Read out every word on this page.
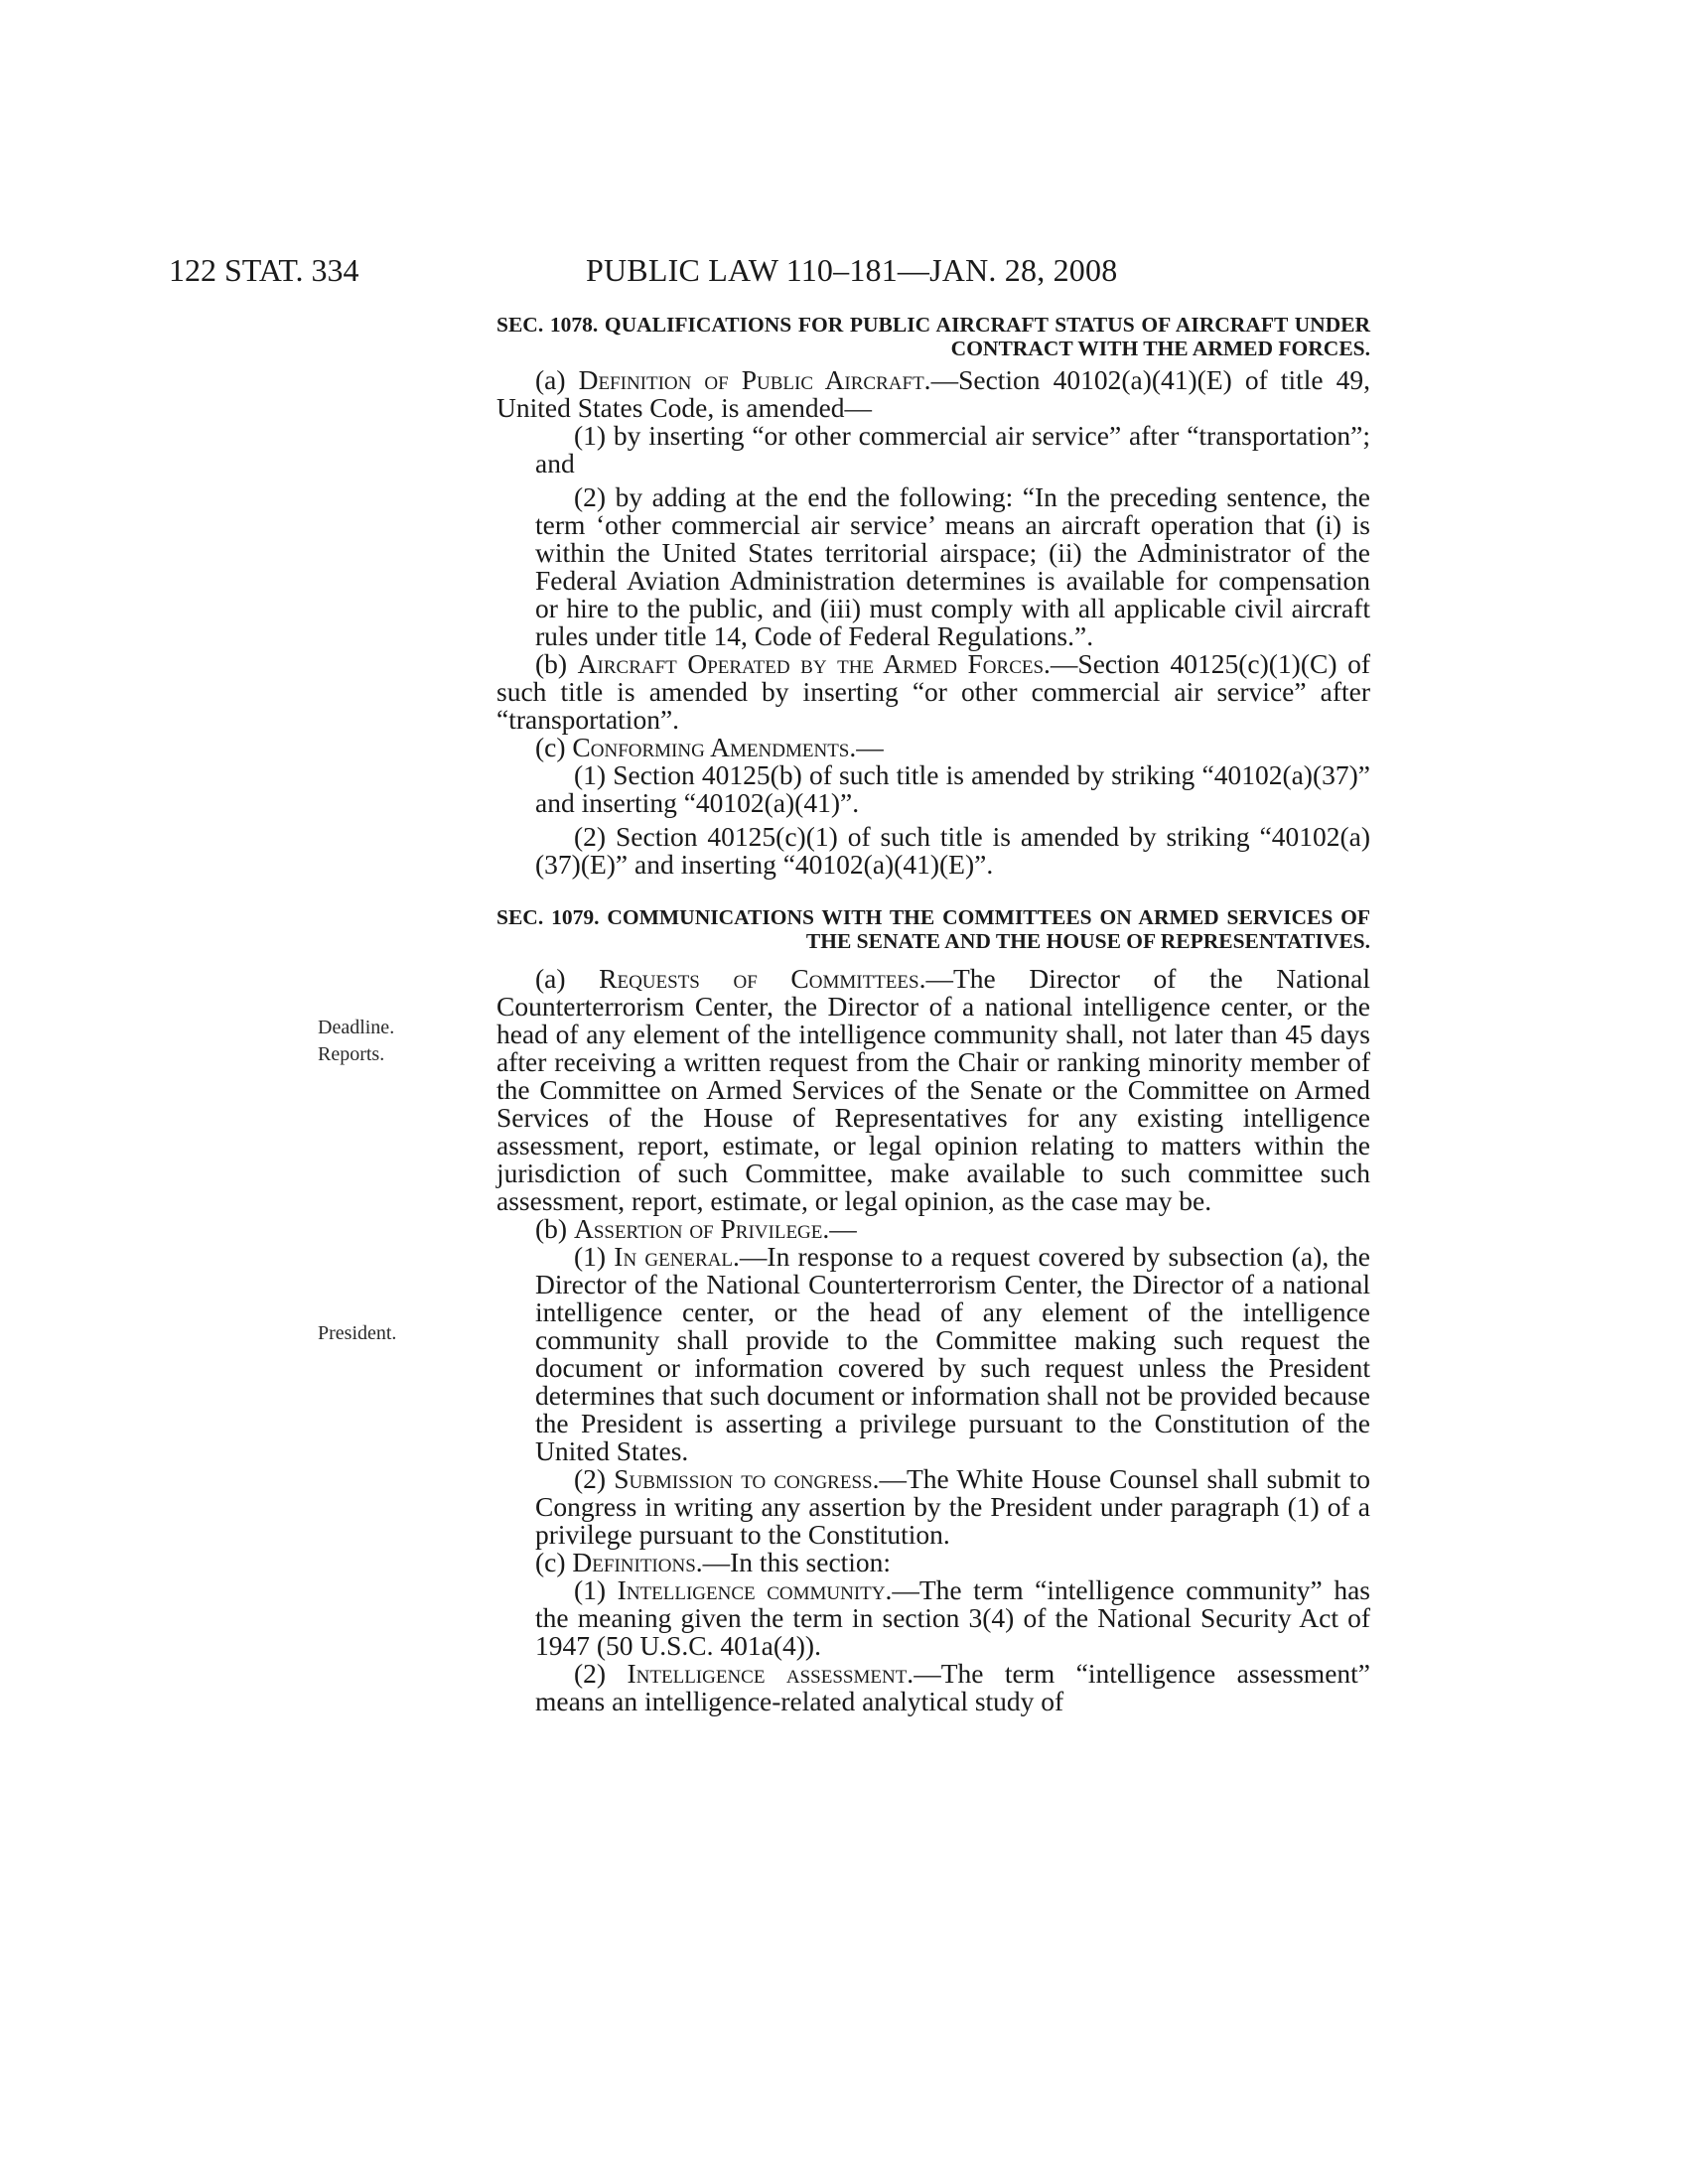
122 STAT. 334	PUBLIC LAW 110–181—JAN. 28, 2008
Deadline.
Reports.
President.

SEC. 1078. QUALIFICATIONS FOR PUBLIC AIRCRAFT STATUS OF AIRCRAFT UNDER CONTRACT WITH THE ARMED FORCES.

(a) Definition of Public Aircraft.—Section 40102(a)(41)(E) of title 49, United States Code, is amended—

(1) by inserting “or other commercial air service” after “transportation”; and

(2) by adding at the end the following: “In the preceding sentence, the term ‘other commercial air service’ means an aircraft operation that (i) is within the United States territorial airspace; (ii) the Administrator of the Federal Aviation Administration determines is available for compensation or hire to the public, and (iii) must comply with all applicable civil aircraft rules under title 14, Code of Federal Regulations.”.

(b) Aircraft Operated by the Armed Forces.—Section 40125(c)(1)(C) of such title is amended by inserting “or other commercial air service” after “transportation”.

(c) Conforming Amendments.—

(1) Section 40125(b) of such title is amended by striking “40102(a)(37)” and inserting “40102(a)(41)”.

(2) Section 40125(c)(1) of such title is amended by striking “40102(a)(37)(E)” and inserting “40102(a)(41)(E)”.

SEC. 1079. COMMUNICATIONS WITH THE COMMITTEES ON ARMED SERVICES OF THE SENATE AND THE HOUSE OF REPRESENTATIVES.

(a) Requests of Committees.—The Director of the National Counterterrorism Center, the Director of a national intelligence center, or the head of any element of the intelligence community shall, not later than 45 days after receiving a written request from the Chair or ranking minority member of the Committee on Armed Services of the Senate or the Committee on Armed Services of the House of Representatives for any existing intelligence assessment, report, estimate, or legal opinion relating to matters within the jurisdiction of such Committee, make available to such committee such assessment, report, estimate, or legal opinion, as the case may be.

(b) Assertion of Privilege.—

(1) In general.—In response to a request covered by subsection (a), the Director of the National Counterterrorism Center, the Director of a national intelligence center, or the head of any element of the intelligence community shall provide to the Committee making such request the document or information covered by such request unless the President determines that such document or information shall not be provided because the President is asserting a privilege pursuant to the Constitution of the United States.

(2) Submission to congress.—The White House Counsel shall submit to Congress in writing any assertion by the President under paragraph (1) of a privilege pursuant to the Constitution.

(c) Definitions.—In this section:

(1) Intelligence community.—The term “intelligence community” has the meaning given the term in section 3(4) of the National Security Act of 1947 (50 U.S.C. 401a(4)).

(2) Intelligence assessment.—The term “intelligence assessment” means an intelligence-related analytical study of
